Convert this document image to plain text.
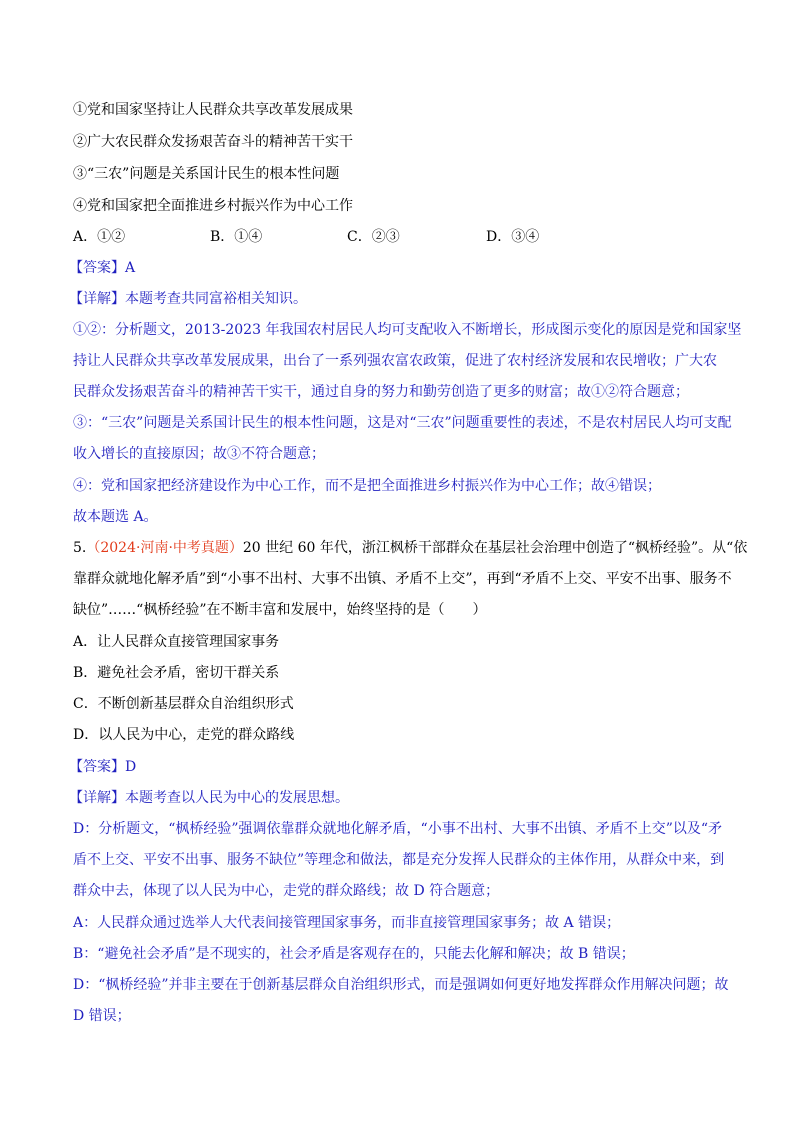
①党和国家坚持让人民群众共享改革发展成果
②广大农民群众发扬艰苦奋斗的精神苦干实干
③“三农”问题是关系国计民生的根本性问题
④党和国家把全面推进乡村振兴作为中心工作
A．①②	B．①④	C．②③	D．③④
【答案】A
【详解】本题考查共同富裕相关知识。
①②：分析题文，2013-2023 年我国农村居民人均可支配收入不断增长，形成图示变化的原因是党和国家坚
持让人民群众共享改革发展成果，出台了一系列强农富农政策，促进了农村经济发展和农民增收；广大农
民群众发扬艰苦奋斗的精神苦干实干，通过自身的努力和勤劳创造了更多的财富；故①②符合题意；
③：“三农”问题是关系国计民生的根本性问题，这是对“三农”问题重要性的表述，不是农村居民人均可支配
收入增长的直接原因；故③不符合题意；
④：党和国家把经济建设作为中心工作，而不是把全面推进乡村振兴作为中心工作；故④错误；
故本题选 A。
5.（2024·河南·中考真题）20 世纪 60 年代，浙江枫桥干部群众在基层社会治理中创造了“枫桥经验”。从“依
靠群众就地化解矛盾”到“小事不出村、大事不出镇、矛盾不上交”，再到“矛盾不上交、平安不出事、服务不
缺位”……“枫桥经验”在不断丰富和发展中，始终坚持的是（　　）
A．让人民群众直接管理国家事务
B．避免社会矛盾，密切干群关系
C．不断创新基层群众自治组织形式
D．以人民为中心，走党的群众路线
【答案】D
【详解】本题考查以人民为中心的发展思想。
D：分析题文，“枫桥经验”强调依靠群众就地化解矛盾，“小事不出村、大事不出镇、矛盾不上交”以及“矛
盾不上交、平安不出事、服务不缺位”等理念和做法，都是充分发挥人民群众的主体作用，从群众中来，到
群众中去，体现了以人民为中心，走党的群众路线；故 D 符合题意；
A：人民群众通过选举人大代表间接管理国家事务，而非直接管理国家事务；故 A 错误；
B：“避免社会矛盾”是不现实的，社会矛盾是客观存在的，只能去化解和解决；故 B 错误；
D：“枫桥经验”并非主要在于创新基层群众自治组织形式，而是强调如何更好地发挥群众作用解决问题；故
D 错误；
